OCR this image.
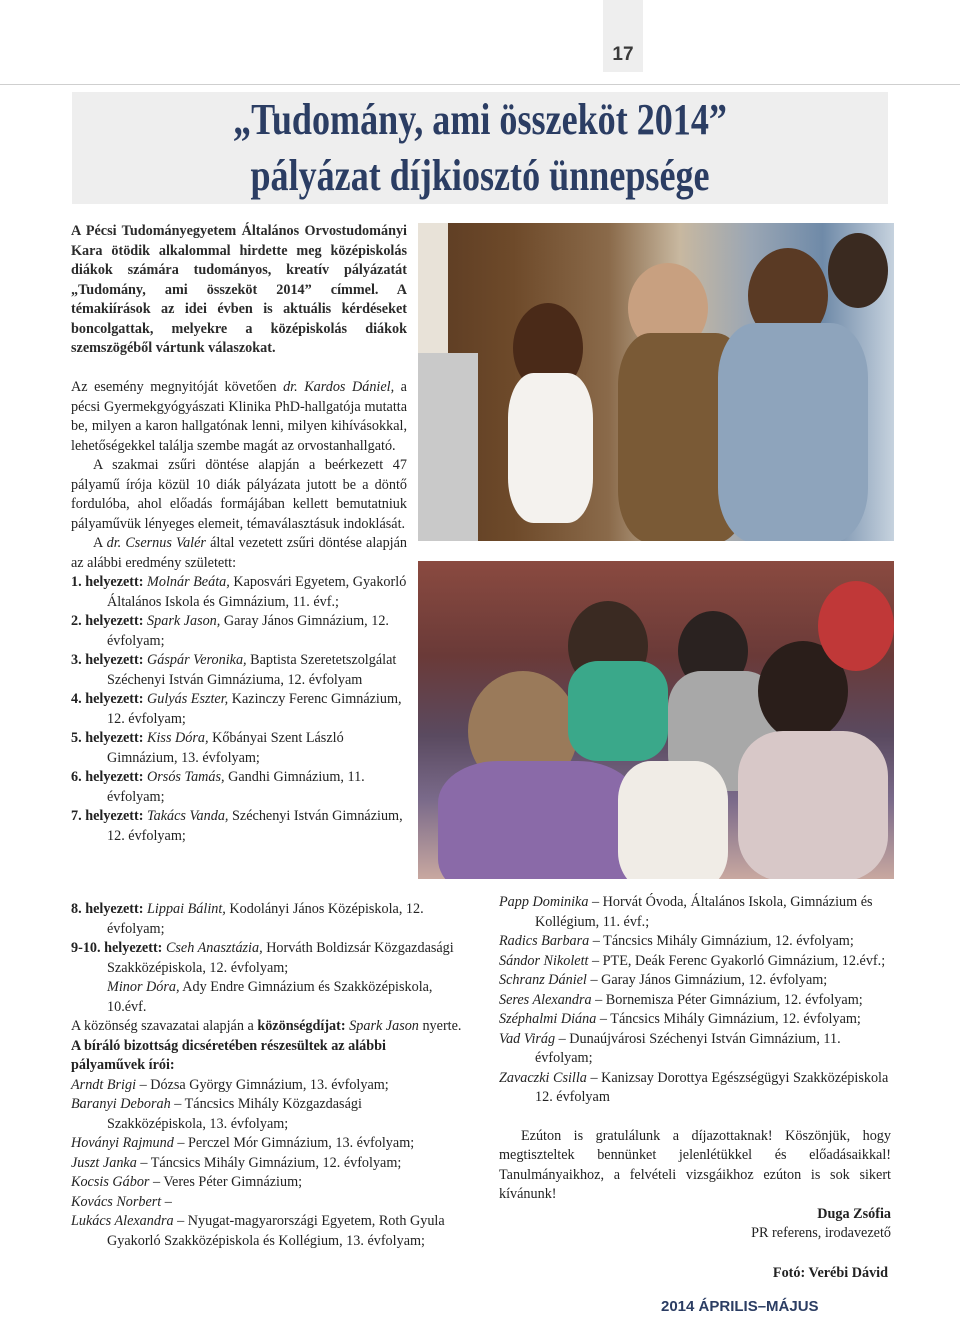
17
„Tudomány, ami összeköt 2014”
pályázat díjkiosztó ünnepsége
A Pécsi Tudományegyetem Általános Orvostudományi Kara ötödik alkalommal hirdette meg középiskolás diákok számára tudományos, kreatív pályázatát „Tudomány, ami összeköt 2014” címmel. A témakiírások az idei évben is aktuális kérdéseket boncolgattak, melyekre a középiskolás diákok szemszögéből vártunk válaszokat.

Az esemény megnyitóját követően dr. Kardos Dániel, a pécsi Gyermekgyógyászati Klinika PhD-hallgatója mutatta be, milyen a karon hallgatónak lenni, milyen kihívásokkal, lehetőségekkel találja szembe magát az orvostanhallgató.

A szakmai zsűri döntése alapján a beérkezett 47 pályamű írója közül 10 diák pályázata jutott be a döntő fordulóba, ahol előadás formájában kellett bemutatniuk pályaművük lényeges elemeit, témaválasztásuk indoklását.

A dr. Csernus Valér által vezetett zsűri döntése alapján az alábbi eredmény született:

1. helyezett: Molnár Beáta, Kaposvári Egyetem, Gyakorló Általános Iskola és Gimnázium, 11. évf.;

2. helyezett: Spark Jason, Garay János Gimnázium, 12. évfolyam;

3. helyezett: Gáspár Veronika, Baptista Szeretetszolgálat Széchenyi István Gimnáziuma, 12. évfolyam

4. helyezett: Gulyás Eszter, Kazinczy Ferenc Gimnázium, 12. évfolyam;

5. helyezett: Kiss Dóra, Kőbányai Szent László Gimnázium, 13. évfolyam;

6. helyezett: Orsós Tamás, Gandhi Gimnázium, 11. évfolyam;

7. helyezett: Takács Vanda, Széchenyi István Gimnázium, 12. évfolyam;

8. helyezett: Lippai Bálint, Kodolányi János Középiskola, 12. évfolyam;

9-10. helyezett: Cseh Anasztázia, Horváth Boldizsár Közgazdasági Szakközépiskola, 12. évfolyam;

Minor Dóra, Ady Endre Gimnázium és Szakközépiskola, 10.évf.

A közönség szavazatai alapján a közönségdíjat: Spark Jason nyerte.

A bíráló bizottság dicséretében részesültek az alábbi pályaművek írói:

Arndt Brigi – Dózsa György Gimnázium, 13. évfolyam;

Baranyi Deborah – Táncsics Mihály Közgazdasági Szakközépiskola, 13. évfolyam;

Hoványi Rajmund – Perczel Mór Gimnázium, 13. évfolyam;

Juszt Janka – Táncsics Mihály Gimnázium, 12. évfolyam;

Kocsis Gábor – Veres Péter Gimnázium;

Kovács Norbert –

Lukács Alexandra – Nyugat-magyarországi Egyetem, Roth Gyula Gyakorló Szakközépiskola és Kollégium, 13. évfolyam;

Papp Dominika – Horvát Óvoda, Általános Iskola, Gimnázium és Kollégium, 11. évf.;

Radics Barbara – Táncsics Mihály Gimnázium, 12. évfolyam;

Sándor Nikolett – PTE, Deák Ferenc Gyakorló Gimnázium, 12.évf.;

Schranz Dániel – Garay János Gimnázium, 12. évfolyam;

Seres Alexandra – Bornemisza Péter Gimnázium, 12. évfolyam;

Széphalmi Diána – Táncsics Mihály Gimnázium, 12. évfolyam;

Vad Virág – Dunaújvárosi Széchenyi István Gimnázium, 11. évfolyam;

Zavaczki Csilla – Kanizsay Dorottya Egészségügyi Szakközépiskola 12. évfolyam

Ezúton is gratulálunk a díjazottaknak! Köszönjük, hogy megtiszteltek bennünket jelenlétükkel és előadásaikkal! Tanulmányaikhoz, a felvételi vizsgáikhoz ezúton is sok sikert kívánunk!

Duga Zsófia

PR referens, irodavezető

Fotó: Verébi Dávid

2014 ÁPRILIS–MÁJUS
